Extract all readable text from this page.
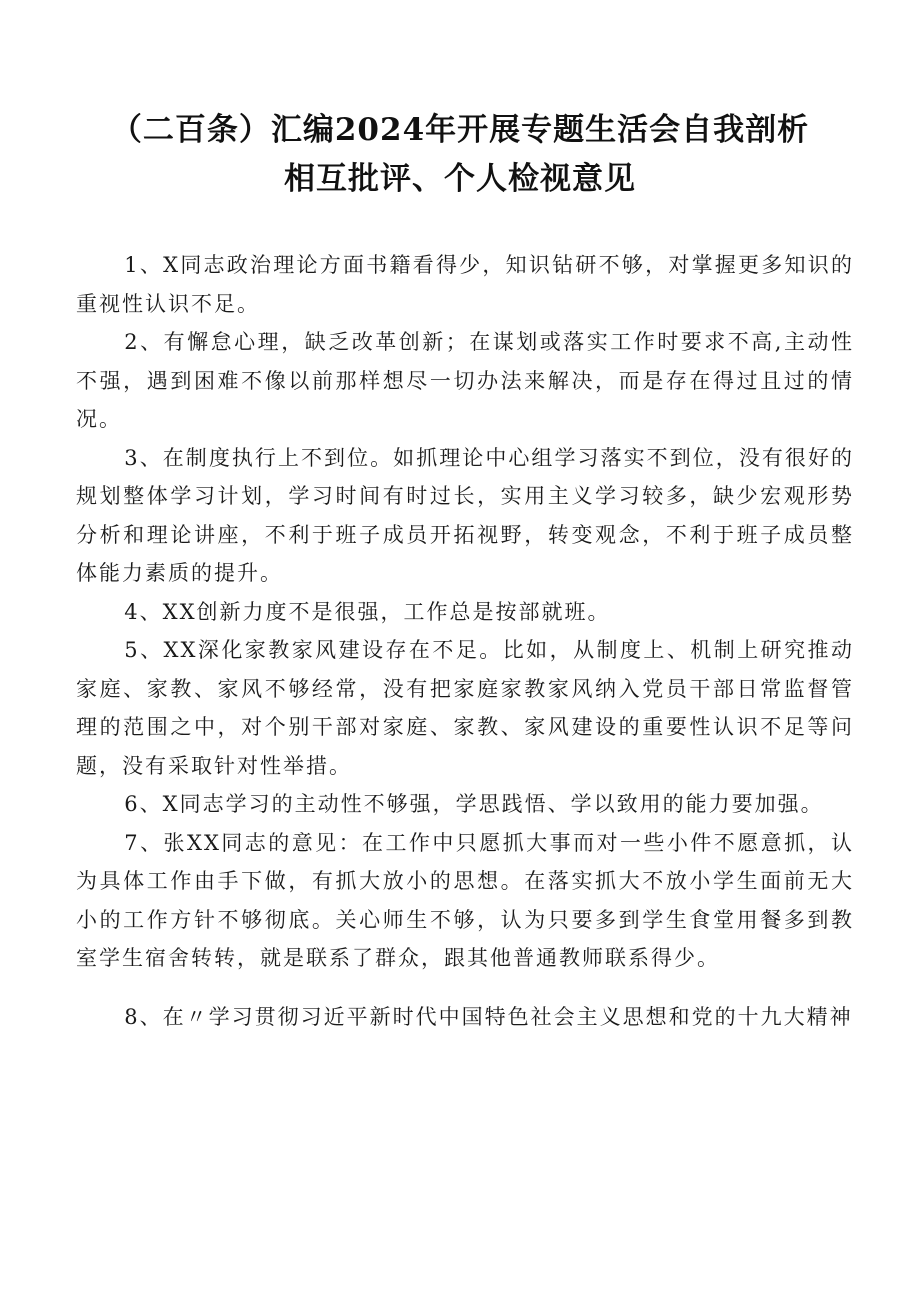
（二百条）汇编2024年开展专题生活会自我剖析
相互批评、个人检视意见

1、X同志政治理论方面书籍看得少，知识钻研不够，对掌握更多知识的重视性认识不足。

2、有懈怠心理，缺乏改革创新；在谋划或落实工作时要求不高,主动性不强，遇到困难不像以前那样想尽一切办法来解决，而是存在得过且过的情况。

3、在制度执行上不到位。如抓理论中心组学习落实不到位，没有很好的规划整体学习计划，学习时间有时过长，实用主义学习较多，缺少宏观形势分析和理论讲座，不利于班子成员开拓视野，转变观念，不利于班子成员整体能力素质的提升。

4、XX创新力度不是很强，工作总是按部就班。

5、XX深化家教家风建设存在不足。比如，从制度上、机制上研究推动家庭、家教、家风不够经常，没有把家庭家教家风纳入党员干部日常监督管理的范围之中，对个别干部对家庭、家教、家风建设的重要性认识不足等问题，没有采取针对性举措。

6、X同志学习的主动性不够强，学思践悟、学以致用的能力要加强。

7、张XX同志的意见：在工作中只愿抓大事而对一些小件不愿意抓，认为具体工作由手下做，有抓大放小的思想。在落实抓大不放小学生面前无大小的工作方针不够彻底。关心师生不够，认为只要多到学生食堂用餐多到教室学生宿舍转转，就是联系了群众，跟其他普通教师联系得少。

8、在〃学习贯彻习近平新时代中国特色社会主义思想和党的十九大精神
